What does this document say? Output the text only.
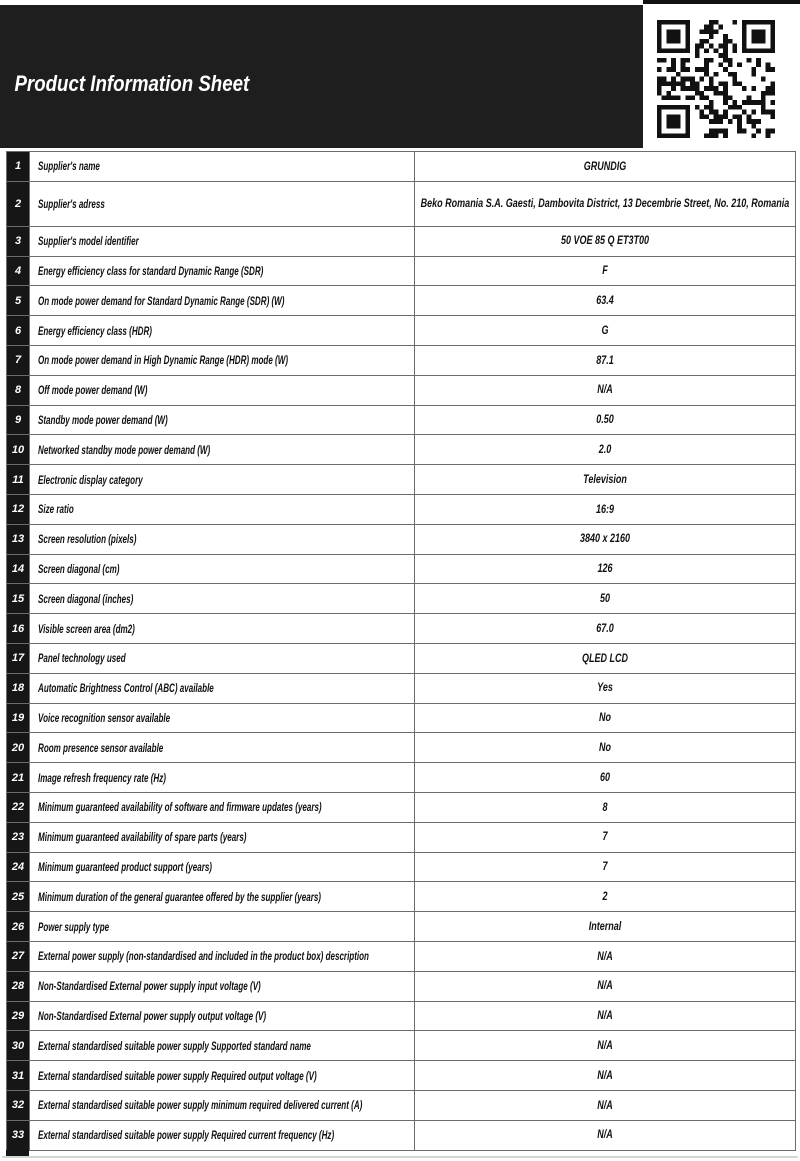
Product Information Sheet
1	Supplier's name	GRUNDIG

2	Supplier's adress	Beko Romania S.A. Gaesti, Dambovita District, 13 Decembrie Street, No. 210, Romania

3	Supplier's model identifier	50 VOE 85 Q ET3T00

4	Energy efficiency class for standard Dynamic Range (SDR)	F

5	On mode power demand for Standard Dynamic Range (SDR) (W)	63.4

6	Energy efficiency class (HDR)	G

7	On mode power demand in High Dynamic Range (HDR) mode (W)	87.1

8	Off mode power demand (W)	N/A

9	Standby mode power demand (W)	0.50

10	Networked standby mode power demand (W)	2.0

11	Electronic display category	Television

12	Size ratio	16:9

13	Screen resolution (pixels)	3840 x 2160

14	Screen diagonal (cm)	126

15	Screen diagonal (inches)	50

16	Visible screen area (dm2)	67.0

17	Panel technology used	QLED LCD

18	Automatic Brightness Control (ABC) available	Yes

19	Voice recognition sensor available	No

20	Room presence sensor available	No

21	Image refresh frequency rate (Hz)	60

22	Minimum guaranteed availability of software and firmware updates (years)	8

23	Minimum guaranteed availability of spare parts (years)	7

24	Minimum guaranteed product support (years)	7

25	Minimum duration of the general guarantee offered by the supplier (years)	2

26	Power supply type	Internal

27	External power supply (non-standardised and included in the product box) description	N/A

28	Non-Standardised External power supply input voltage (V)	N/A

29	Non-Standardised External power supply output voltage (V)	N/A

30	External standardised suitable power supply Supported standard name	N/A

31	External standardised suitable power supply Required output voltage (V)	N/A

32	External standardised suitable power supply minimum required delivered current (A)	N/A

33	External standardised suitable power supply Required current frequency (Hz)	N/A
